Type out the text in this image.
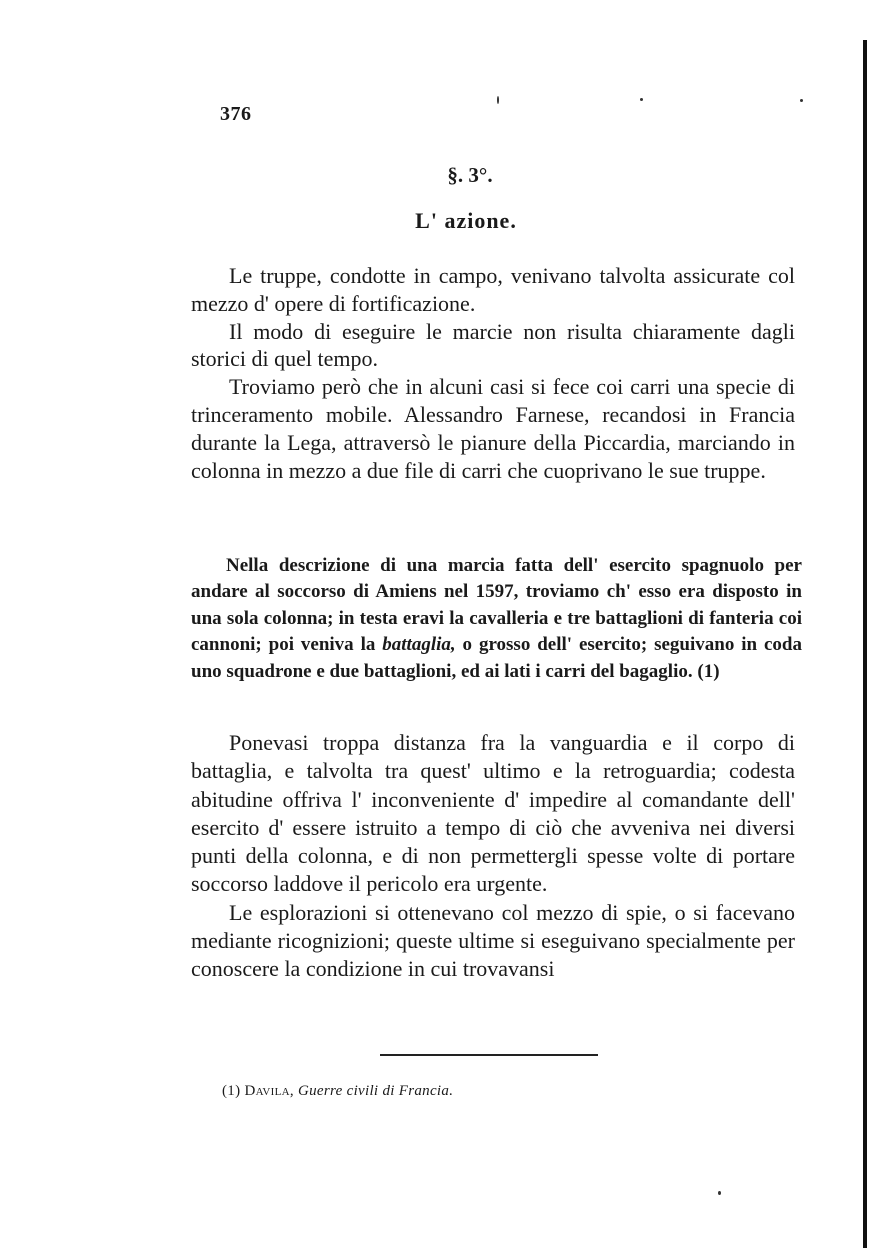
376
§. 3°.
L' azione.

Le truppe, condotte in campo, venivano talvolta assicurate col mezzo d' opere di fortificazione.

Il modo di eseguire le marcie non risulta chiaramente dagli storici di quel tempo.

Troviamo però che in alcuni casi si fece coi carri una specie di trinceramento mobile. Alessandro Farnese, recandosi in Francia durante la Lega, attraversò le pianure della Piccardia, marciando in colonna in mezzo a due file di carri che cuoprivano le sue truppe.

Nella descrizione di una marcia fatta dell' esercito spagnuolo per andare al soccorso di Amiens nel 1597, troviamo ch' esso era disposto in una sola colonna; in testa eravi la cavalleria e tre battaglioni di fanteria coi cannoni; poi veniva la battaglia, o grosso dell' esercito; seguivano in coda uno squadrone e due battaglioni, ed ai lati i carri del bagaglio. (1)

Ponevasi troppa distanza fra la vanguardia e il corpo di battaglia, e talvolta tra quest' ultimo e la retroguardia; codesta abitudine offriva l' inconveniente d' impedire al comandante dell' esercito d' essere istruito a tempo di ciò che avveniva nei diversi punti della colonna, e di non permettergli spesse volte di portare soccorso laddove il pericolo era urgente.

Le esplorazioni si ottenevano col mezzo di spie, o si facevano mediante ricognizioni; queste ultime si eseguivano specialmente per conoscere la condizione in cui trovavansi

(1) Davila, Guerre civili di Francia.
